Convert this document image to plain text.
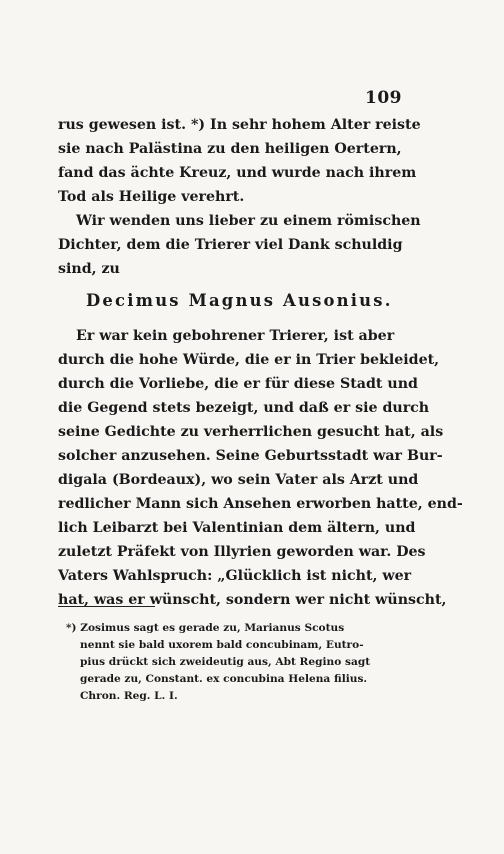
109
rus gewesen ist. *) In sehr hohem Alter reiste
sie nach Palästina zu den heiligen Oertern,
fand das ächte Kreuz, und wurde nach ihrem
Tod als Heilige verehrt.
Wir wenden uns lieber zu einem römischen
Dichter, dem die Trierer viel Dank schuldig
sind, zu
Decimus Magnus Ausonius.
Er war kein gebohrener Trierer, ist aber
durch die hohe Würde, die er in Trier bekleidet,
durch die Vorliebe, die er für diese Stadt und
die Gegend stets bezeigt, und daß er sie durch
seine Gedichte zu verherrlichen gesucht hat, als
solcher anzusehen. Seine Geburtsstadt war Bur-
digala (Bordeaux), wo sein Vater als Arzt und
redlicher Mann sich Ansehen erworben hatte, end-
lich Leibarzt bei Valentinian dem ältern, und
zuletzt Präfekt von Illyrien geworden war. Des
Vaters Wahlspruch: „Glücklich ist nicht, wer
hat, was er wünscht, sondern wer nicht wünscht,
*) Zosimus sagt es gerade zu, Marianus Scotus
nennt sie bald uxorem bald concubinam, Eutro-
pius drückt sich zweideutig aus, Abt Regino sagt
gerade zu, Constant. ex concubina Helena filius.
Chron. Reg. L. I.
